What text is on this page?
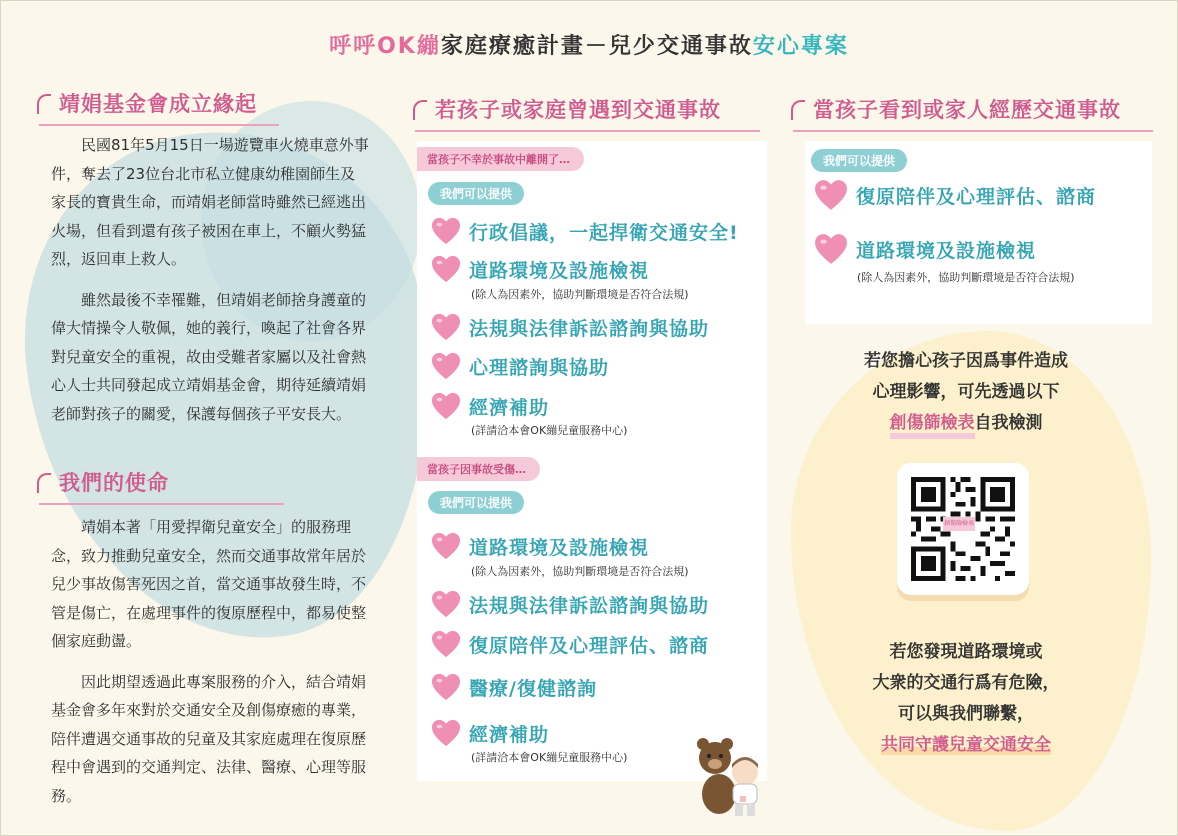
呼呼OK繃家庭療癒計畫－兒少交通事故安心專案
靖娟基金會成立緣起

民國81年5月15日一場遊覽車火燒車意外事件，奪去了23位台北市私立健康幼稚園師生及家長的寶貴生命，而靖娟老師當時雖然已經逃出火場，但看到還有孩子被困在車上，不顧火勢猛烈，返回車上救人。

雖然最後不幸罹難，但靖娟老師捨身護童的偉大情操令人敬佩，她的義行，喚起了社會各界對兒童安全的重視，故由受難者家屬以及社會熱心人士共同發起成立靖娟基金會，期待延續靖娟老師對孩子的關愛，保護每個孩子平安長大。

我們的使命

靖娟本著「用愛捍衛兒童安全」的服務理念，致力推動兒童安全，然而交通事故常年居於兒少事故傷害死因之首，當交通事故發生時，不管是傷亡，在處理事件的復原歷程中，都易使整個家庭動盪。

因此期望透過此專案服務的介入，結合靖娟基金會多年來對於交通安全及創傷療癒的專業，陪伴遭遇交通事故的兒童及其家庭處理在復原歷程中會遇到的交通判定、法律、醫療、心理等服務。

若孩子或家庭曾遇到交通事故
當孩子不幸於事故中離開了…
我們可以提供
行政倡議，一起捍衛交通安全!
道路環境及設施檢視
(除人為因素外，協助判斷環境是否符合法規)
法規與法律訴訟諮詢與協助
心理諮詢與協助
經濟補助
(詳請洽本會OK繃兒童服務中心)
當孩子因事故受傷…
我們可以提供
道路環境及設施檢視
(除人為因素外，協助判斷環境是否符合法規)
法規與法律訴訟諮詢與協助
復原陪伴及心理評估、諮商
醫療/復健諮詢
經濟補助
(詳請洽本會OK繃兒童服務中心)
當孩子看到或家人經歷交通事故
我們可以提供
復原陪伴及心理評估、諮商
道路環境及設施檢視
(除人為因素外，協助判斷環境是否符合法規)
若您擔心孩子因爲事件造成
心理影響，可先透過以下
創傷篩檢表自我檢測
創傷篩檢表
若您發現道路環境或
大衆的交通行爲有危險，
可以與我們聯繫，
共同守護兒童交通安全
